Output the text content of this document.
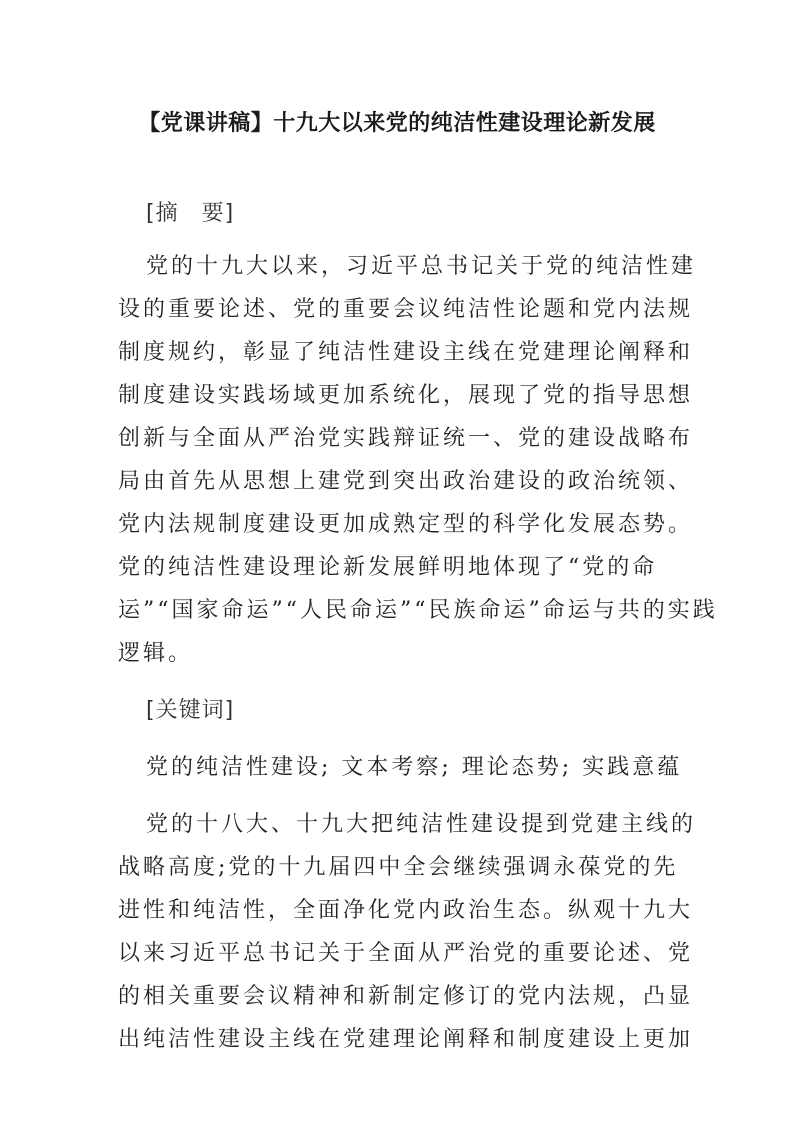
【党课讲稿】十九大以来党的纯洁性建设理论新发展
[摘　要]
党的十九大以来，习近平总书记关于党的纯洁性建
设的重要论述、党的重要会议纯洁性论题和党内法规
制度规约，彰显了纯洁性建设主线在党建理论阐释和
制度建设实践场域更加系统化，展现了党的指导思想
创新与全面从严治党实践辩证统一、党的建设战略布
局由首先从思想上建党到突出政治建设的政治统领、
党内法规制度建设更加成熟定型的科学化发展态势。
党的纯洁性建设理论新发展鲜明地体现了“党的命
运”“国家命运”“人民命运”“民族命运”命运与共的实践
逻辑。
[关键词]
党的纯洁性建设; 文本考察; 理论态势; 实践意蕴
党的十八大、十九大把纯洁性建设提到党建主线的
战略高度;党的十九届四中全会继续强调永葆党的先
进性和纯洁性，全面净化党内政治生态。纵观十九大
以来习近平总书记关于全面从严治党的重要论述、党
的相关重要会议精神和新制定修订的党内法规，凸显
出纯洁性建设主线在党建理论阐释和制度建设上更加
